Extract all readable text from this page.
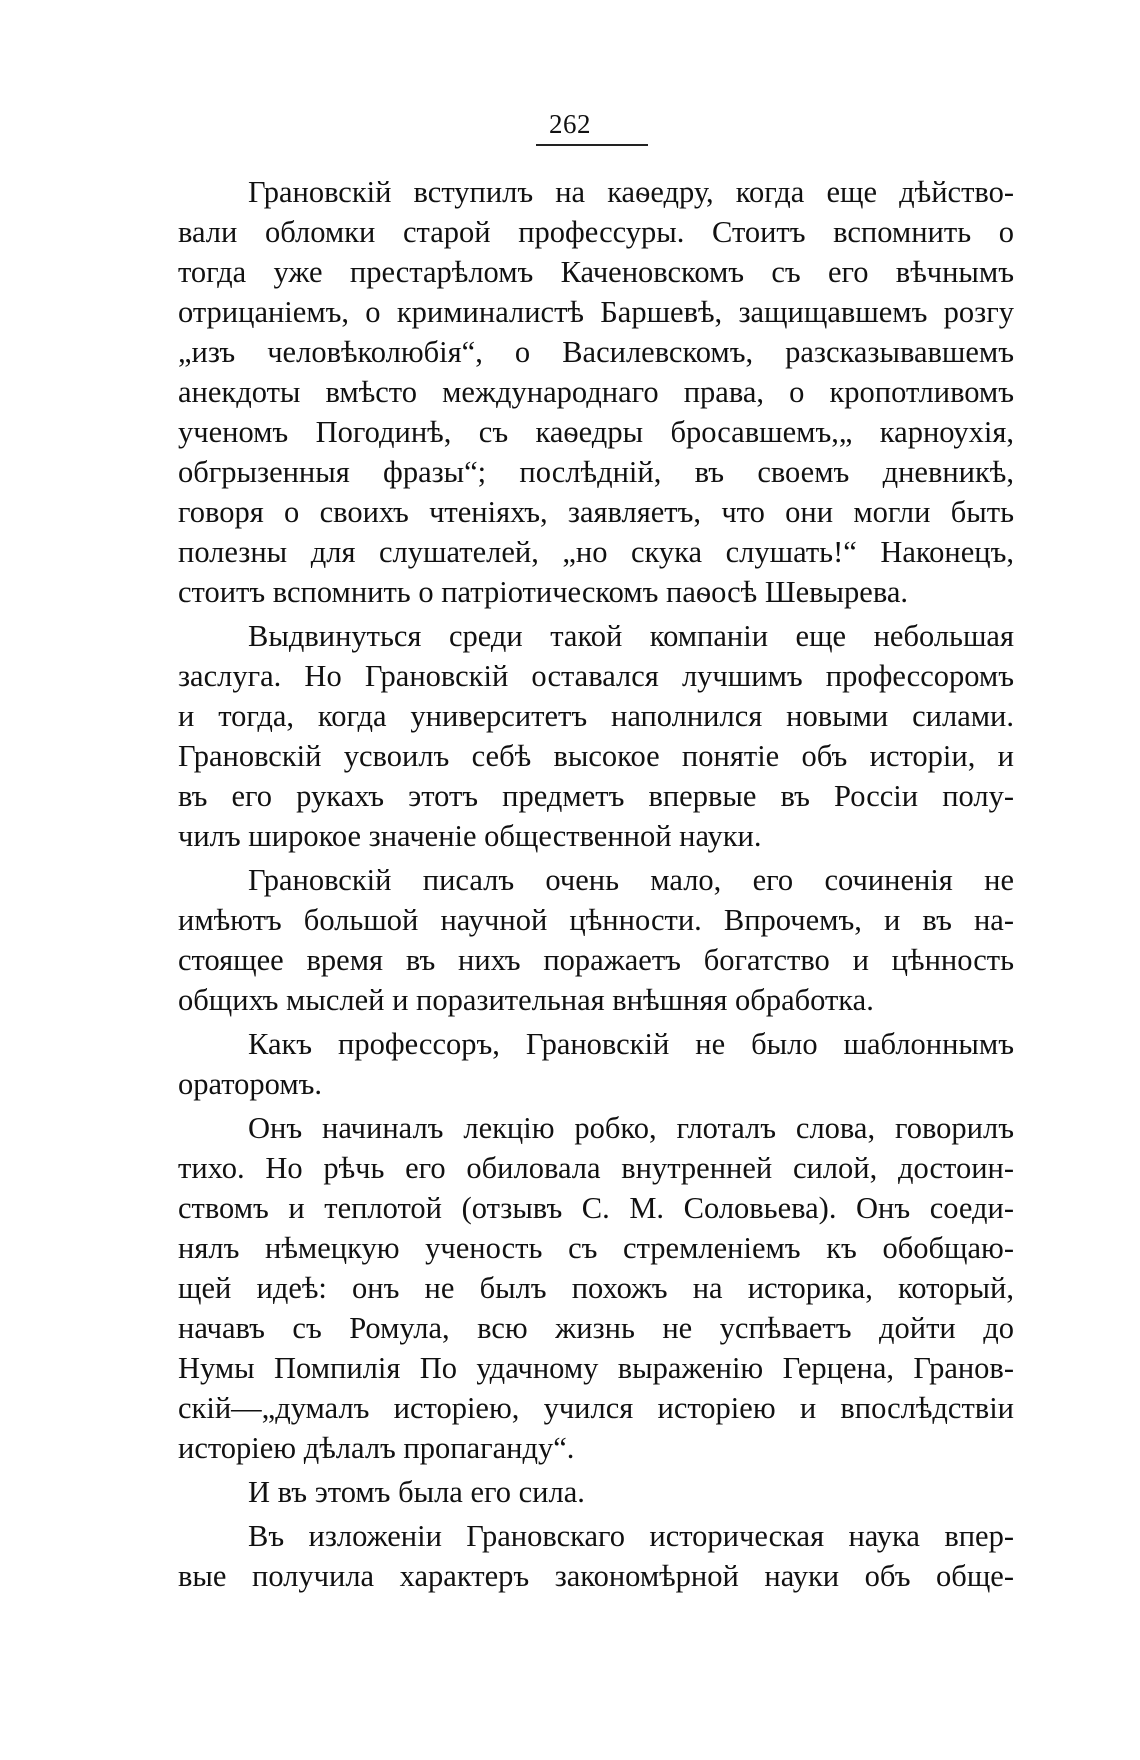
262
Грановскій вступилъ на каѳедру, когда еще дѣйство-
вали обломки старой профессуры. Стоитъ вспомнить о
тогда уже престарѣломъ Каченовскомъ съ его вѣчнымъ
отрицаніемъ, о криминалистѣ Баршевѣ, защищавшемъ розгу
„изъ человѣколюбія“, о Василевскомъ, разсказывавшемъ
анекдоты вмѣсто международнаго права, о кропотливомъ
ученомъ Погодинѣ, съ каѳедры бросавшемъ,„ карноухія,
обгрызенныя фразы“; послѣдній, въ своемъ дневникѣ,
говоря о своихъ чтеніяхъ, заявляетъ, что они могли быть
полезны для слушателей, „но скука слушать!“ Наконецъ,
стоитъ вспомнить о патріотическомъ паѳосѣ Шевырева.
Выдвинуться среди такой компаніи еще небольшая
заслуга. Но Грановскій оставался лучшимъ профессоромъ
и тогда, когда университетъ наполнился новыми силами.
Грановскій усвоилъ себѣ высокое понятіе объ исторіи, и
въ его рукахъ этотъ предметъ впервые въ Россіи полу-
чилъ широкое значеніе общественной науки.
Грановскій писалъ очень мало, его сочиненія не
имѣютъ большой научной цѣнности. Впрочемъ, и въ на-
стоящее время въ нихъ поражаетъ богатство и цѣнность
общихъ мыслей и поразительная внѣшняя обработка.
Какъ профессоръ, Грановскій не было шаблоннымъ
ораторомъ.
Онъ начиналъ лекцію робко, глоталъ слова, говорилъ
тихо. Но рѣчь его обиловала внутренней силой, достоин-
ствомъ и теплотой (отзывъ С. М. Соловьева). Онъ соеди-
нялъ нѣмецкую ученость съ стремленіемъ къ обобщаю-
щей идеѣ: онъ не былъ похожъ на историка, который,
начавъ съ Ромула, всю жизнь не успѣваетъ дойти до
Нумы Помпилія По удачному выраженію Герцена, Гранов-
скій—„думалъ исторіею, учился исторіею и впослѣдствіи
исторіею дѣлалъ пропаганду“.
И въ этомъ была его сила.
Въ изложеніи Грановскаго историческая наука впер-
вые получила характеръ закономѣрной науки объ обще-
